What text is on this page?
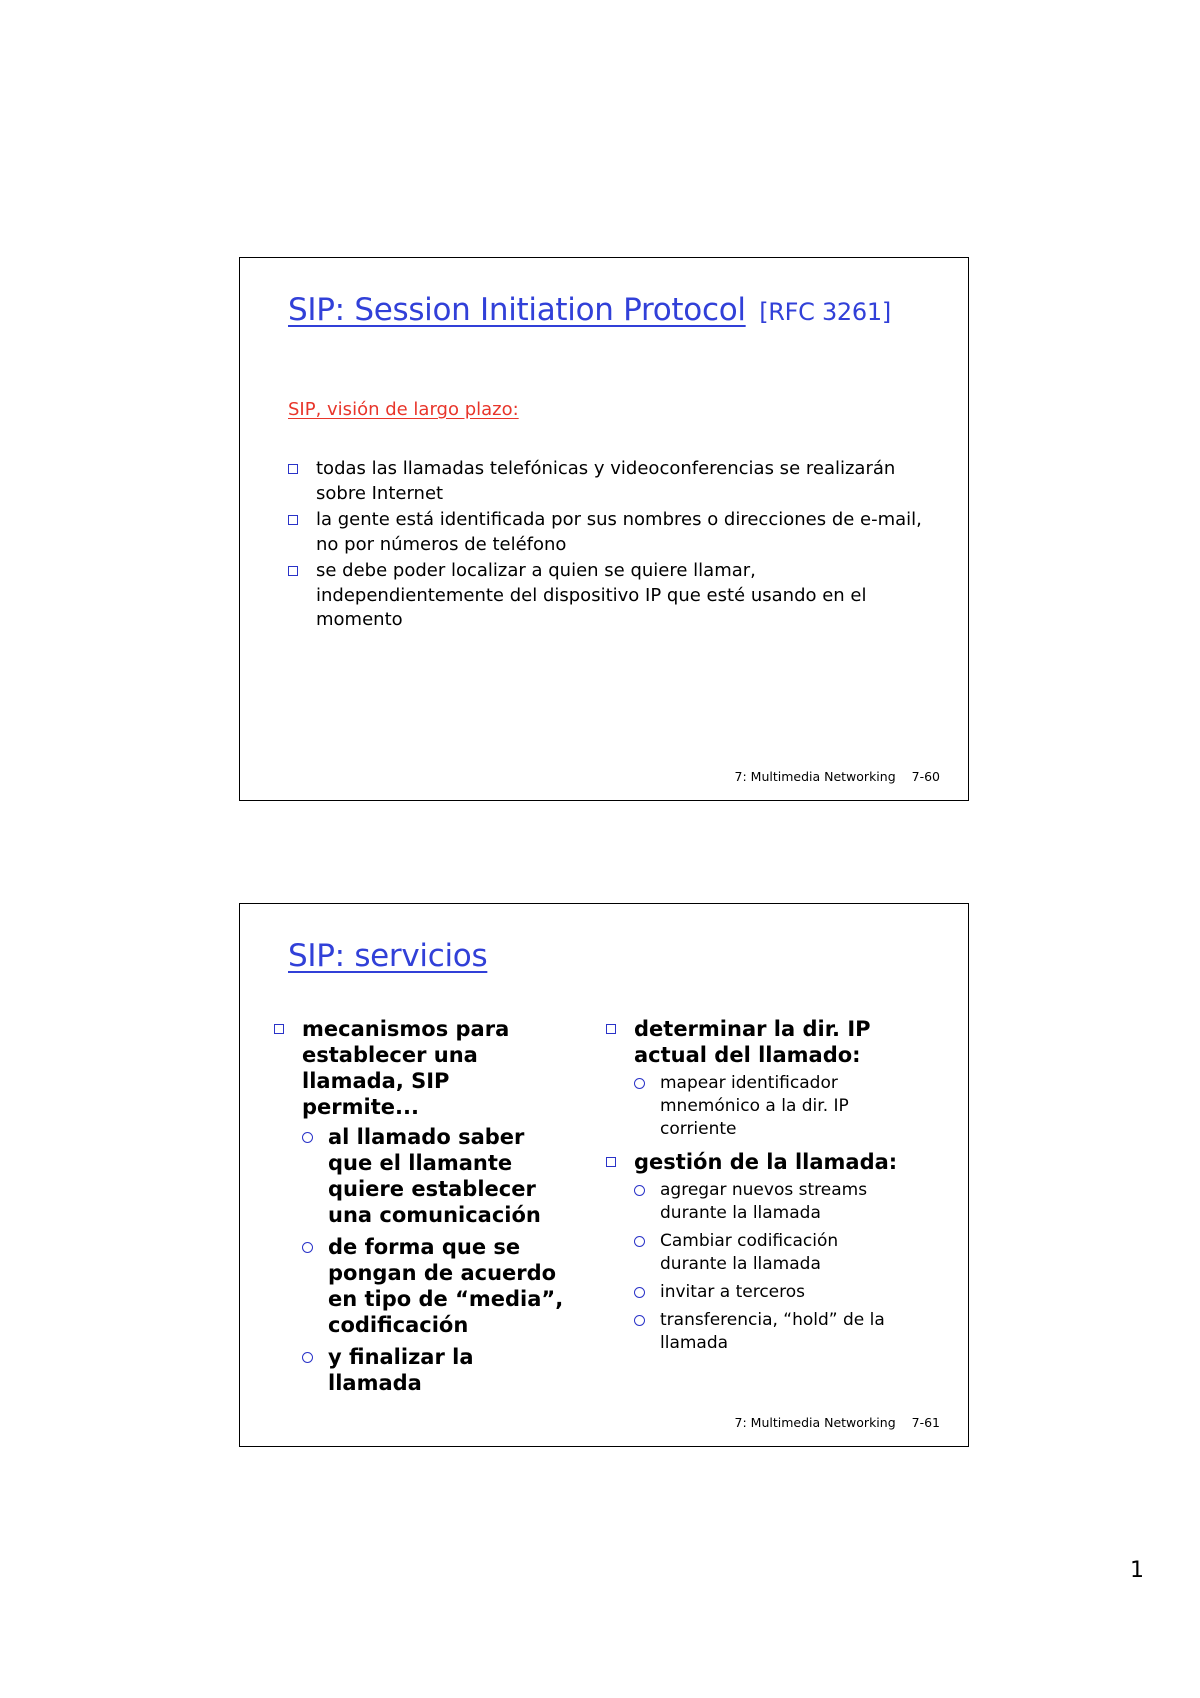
SIP: Session Initiation Protocol [RFC 3261]
SIP, visión de largo plazo:
todas las llamadas telefónicas y videoconferencias se realizarán sobre Internet
la gente está identificada por sus nombres o direcciones de e-mail, no por números de teléfono
se debe poder localizar a quien se quiere llamar, independientemente del dispositivo IP que esté usando en el momento
7: Multimedia Networking 7-60
SIP: servicios
mecanismos para establecer una llamada, SIP permite...
al llamado saber que el llamante quiere establecer una comunicación
de forma que se pongan de acuerdo en tipo de “media”, codificación
y finalizar la llamada
determinar la dir. IP actual del llamado:
mapear identificador mnemónico a la dir. IP corriente
gestión de la llamada:
agregar nuevos streams durante la llamada
Cambiar codificación durante la llamada
invitar a terceros
transferencia, “hold” de la llamada
7: Multimedia Networking 7-61
1
